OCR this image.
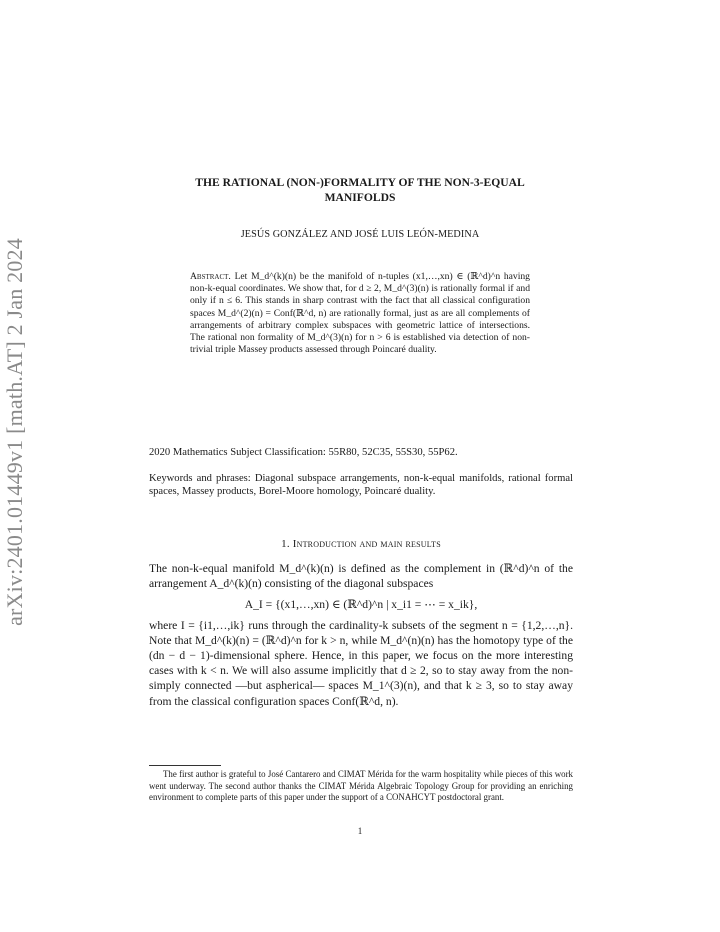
arXiv:2401.01449v1 [math.AT] 2 Jan 2024
THE RATIONAL (NON-)FORMALITY OF THE NON-3-EQUAL
MANIFOLDS
JESÚS GONZÁLEZ AND JOSÉ LUIS LEÓN-MEDINA
Abstract. Let M_d^(k)(n) be the manifold of n-tuples (x1,…,xn) ∈ (ℝ^d)^n having non-k-equal coordinates. We show that, for d ≥ 2, M_d^(3)(n) is rationally formal if and only if n ≤ 6. This stands in sharp contrast with the fact that all classical configuration spaces M_d^(2)(n) = Conf(ℝ^d, n) are rationally formal, just as are all complements of arrangements of arbitrary complex subspaces with geometric lattice of intersections. The rational non formality of M_d^(3)(n) for n > 6 is established via detection of non-trivial triple Massey products assessed through Poincaré duality.
2020 Mathematics Subject Classification: 55R80, 52C35, 55S30, 55P62.
Keywords and phrases: Diagonal subspace arrangements, non-k-equal manifolds, rational formal spaces, Massey products, Borel-Moore homology, Poincaré duality.
1. Introduction and main results

The non-k-equal manifold M_d^(k)(n) is defined as the complement in (ℝ^d)^n of the arrangement A_d^(k)(n) consisting of the diagonal subspaces

A_I = {(x1,…,xn) ∈ (ℝ^d)^n | x_i1 = ⋯ = x_ik},

where I = {i1,…,ik} runs through the cardinality-k subsets of the segment n = {1,2,…,n}. Note that M_d^(k)(n) = (ℝ^d)^n for k > n, while M_d^(n)(n) has the homotopy type of the (dn − d − 1)-dimensional sphere. Hence, in this paper, we focus on the more interesting cases with k < n. We will also assume implicitly that d ≥ 2, so to stay away from the non-simply connected —but aspherical— spaces M_1^(3)(n), and that k ≥ 3, so to stay away from the classical configuration spaces Conf(ℝ^d, n).

The first author is grateful to José Cantarero and CIMAT Mérida for the warm hospitality while pieces of this work went underway. The second author thanks the CIMAT Mérida Algebraic Topology Group for providing an enriching environment to complete parts of this paper under the support of a CONAHCYT postdoctoral grant.
1
